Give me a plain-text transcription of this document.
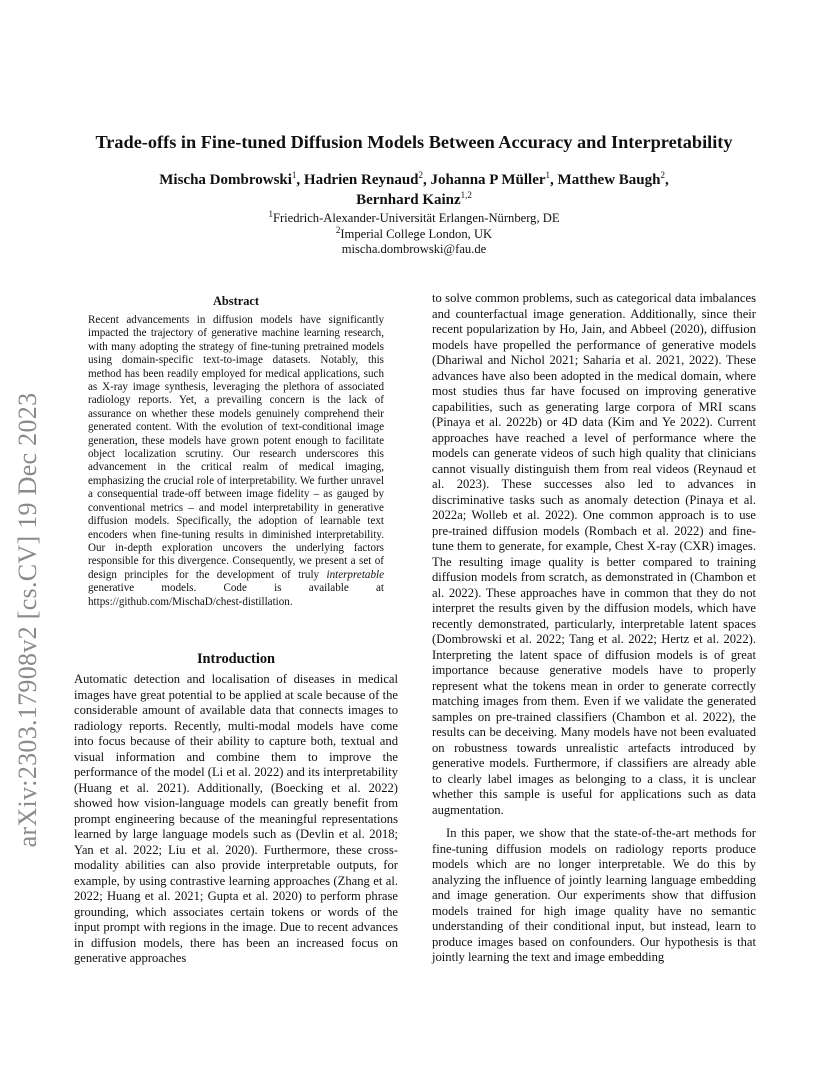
arXiv:2303.17908v2 [cs.CV] 19 Dec 2023
Trade-offs in Fine-tuned Diffusion Models Between Accuracy and Interpretability
Mischa Dombrowski$^1$, Hadrien Reynaud$^2$, Johanna P Müller$^1$, Matthew Baugh$^2$,
Bernhard Kainz$^{1,2}$
$^1$Friedrich-Alexander-Universität Erlangen-Nürnberg, DE
$^2$Imperial College London, UK
mischa.dombrowski@fau.de
Abstract

Recent advancements in diffusion models have significantly impacted the trajectory of generative machine learning research, with many adopting the strategy of fine-tuning pretrained models using domain-specific text-to-image datasets. Notably, this method has been readily employed for medical applications, such as X-ray image synthesis, leveraging the plethora of associated radiology reports. Yet, a prevailing concern is the lack of assurance on whether these models genuinely comprehend their generated content. With the evolution of text-conditional image generation, these models have grown potent enough to facilitate object localization scrutiny. Our research underscores this advancement in the critical realm of medical imaging, emphasizing the crucial role of interpretability. We further unravel a consequential trade-off between image fidelity – as gauged by conventional metrics – and model interpretability in generative diffusion models. Specifically, the adoption of learnable text encoders when fine-tuning results in diminished interpretability. Our in-depth exploration uncovers the underlying factors responsible for this divergence. Consequently, we present a set of design principles for the development of truly interpretable generative models. Code is available at https://github.com/MischaD/chest-distillation.

Introduction

Automatic detection and localisation of diseases in medical images have great potential to be applied at scale because of the considerable amount of available data that connects images to radiology reports. Recently, multi-modal models have come into focus because of their ability to capture both, textual and visual information and combine them to improve the performance of the model (Li et al. 2022) and its interpretability (Huang et al. 2021). Additionally, (Boecking et al. 2022) showed how vision-language models can greatly benefit from prompt engineering because of the meaningful representations learned by large language models such as (Devlin et al. 2018; Yan et al. 2022; Liu et al. 2020). Furthermore, these cross-modality abilities can also provide interpretable outputs, for example, by using contrastive learning approaches (Zhang et al. 2022; Huang et al. 2021; Gupta et al. 2020) to perform phrase grounding, which associates certain tokens or words of the input prompt with regions in the image. Due to recent advances in diffusion models, there has been an increased focus on generative approaches

to solve common problems, such as categorical data imbalances and counterfactual image generation. Additionally, since their recent popularization by Ho, Jain, and Abbeel (2020), diffusion models have propelled the performance of generative models (Dhariwal and Nichol 2021; Saharia et al. 2021, 2022). These advances have also been adopted in the medical domain, where most studies thus far have focused on improving generative capabilities, such as generating large corpora of MRI scans (Pinaya et al. 2022b) or 4D data (Kim and Ye 2022). Current approaches have reached a level of performance where the models can generate videos of such high quality that clinicians cannot visually distinguish them from real videos (Reynaud et al. 2023). These successes also led to advances in discriminative tasks such as anomaly detection (Pinaya et al. 2022a; Wolleb et al. 2022). One common approach is to use pre-trained diffusion models (Rombach et al. 2022) and fine-tune them to generate, for example, Chest X-ray (CXR) images. The resulting image quality is better compared to training diffusion models from scratch, as demonstrated in (Chambon et al. 2022). These approaches have in common that they do not interpret the results given by the diffusion models, which have recently demonstrated, particularly, interpretable latent spaces (Dombrowski et al. 2022; Tang et al. 2022; Hertz et al. 2022). Interpreting the latent space of diffusion models is of great importance because generative models have to properly represent what the tokens mean in order to generate correctly matching images from them. Even if we validate the generated samples on pre-trained classifiers (Chambon et al. 2022), the results can be deceiving. Many models have not been evaluated on robustness towards unrealistic artefacts introduced by generative models. Furthermore, if classifiers are already able to clearly label images as belonging to a class, it is unclear whether this sample is useful for applications such as data augmentation.

In this paper, we show that the state-of-the-art methods for fine-tuning diffusion models on radiology reports produce models which are no longer interpretable. We do this by analyzing the influence of jointly learning language embedding and image generation. Our experiments show that diffusion models trained for high image quality have no semantic understanding of their conditional input, but instead, learn to produce images based on confounders. Our hypothesis is that jointly learning the text and image embedding
